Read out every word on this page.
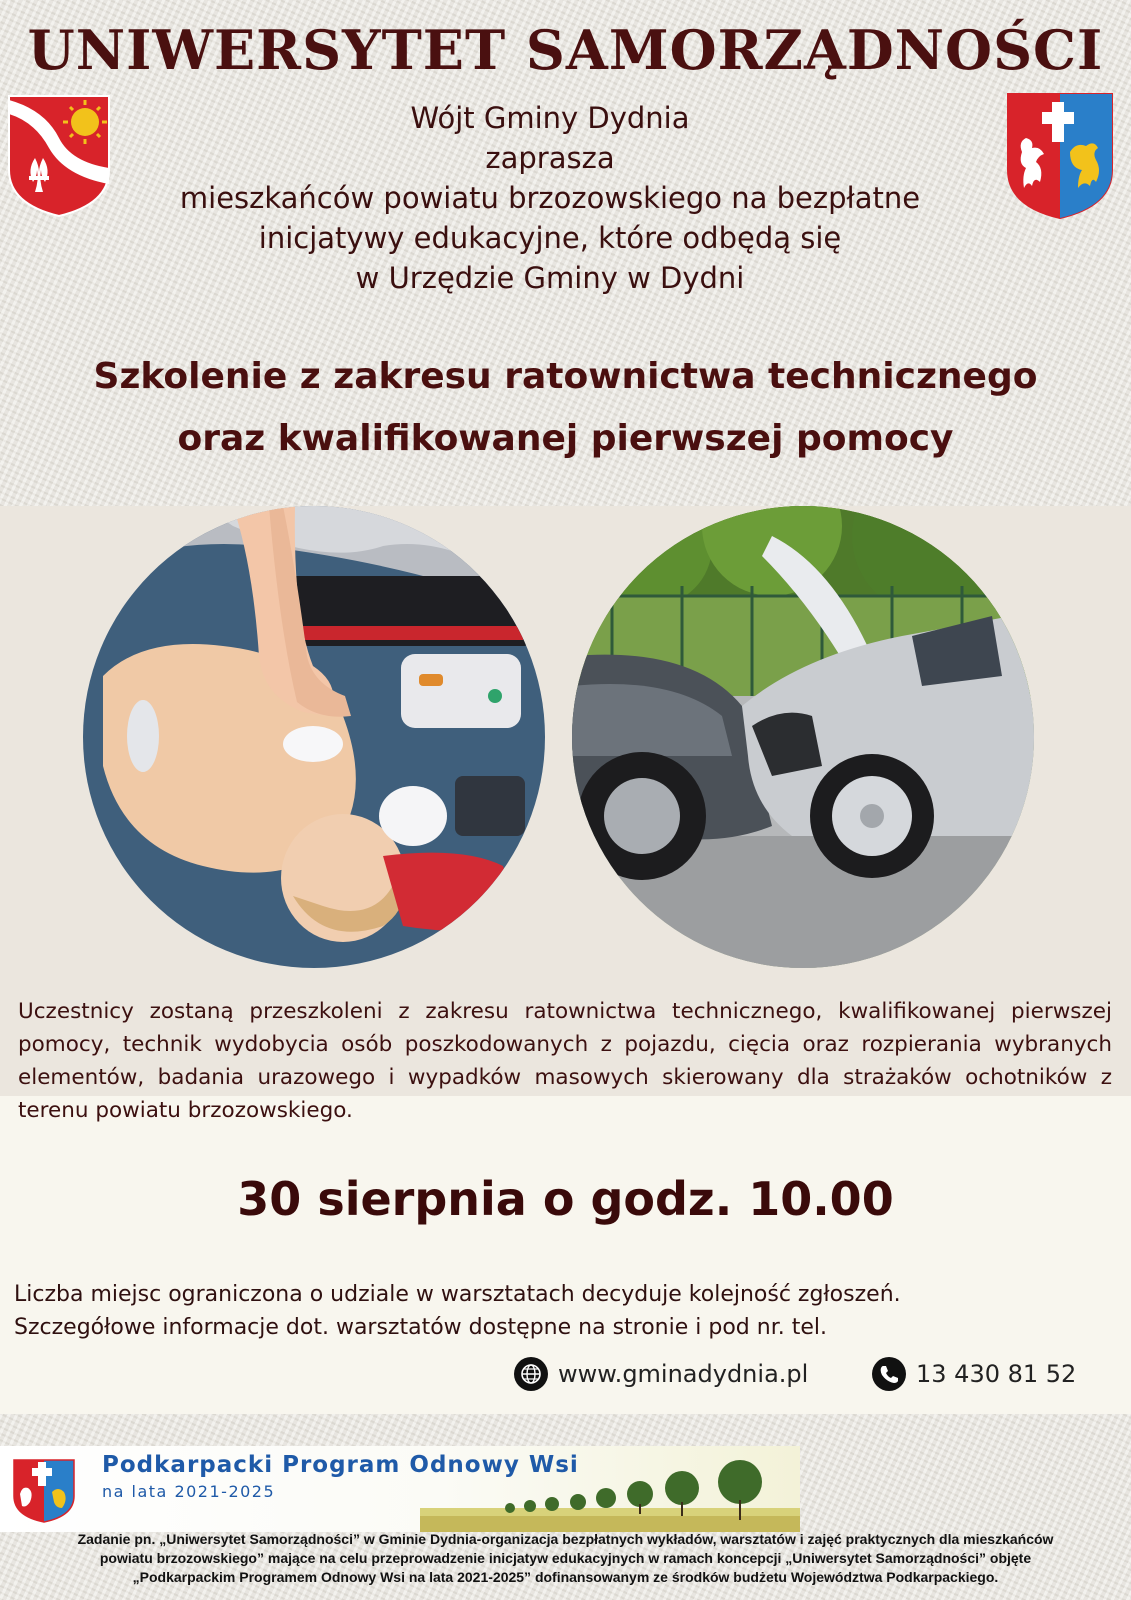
UNIWERSYTET SAMORZĄDNOŚCI
Wójt Gminy Dydnia
zaprasza
mieszkańców powiatu brzozowskiego na bezpłatne
inicjatywy edukacyjne, które odbędą się
w Urzędzie Gminy w Dydni
Szkolenie z zakresu ratownictwa technicznego
oraz kwalifikowanej pierwszej pomocy

Uczestnicy zostaną przeszkoleni z zakresu ratownictwa technicznego, kwalifikowanej pierwszej pomocy, technik wydobycia osób poszkodowanych z pojazdu, cięcia oraz rozpierania wybranych elementów, badania urazowego i wypadków masowych skierowany dla strażaków ochotników z terenu powiatu brzozowskiego.

30 sierpnia o godz. 10.00

Liczba miejsc ograniczona o udziale w warsztatach decyduje kolejność zgłoszeń.
Szczegółowe informacje dot. warsztatów dostępne na stronie i pod nr. tel.
www.gminadydnia.pl	13 430 81 52
Podkarpacki Program Odnowy Wsi
na lata 2021-2025
Zadanie pn. „Uniwersytet Samorządności” w Gminie Dydnia-organizacja bezpłatnych wykładów, warsztatów i zajęć praktycznych dla mieszkańców
powiatu brzozowskiego” mające na celu przeprowadzenie inicjatyw edukacyjnych w ramach koncepcji „Uniwersytet Samorządności” objęte
„Podkarpackim Programem Odnowy Wsi na lata 2021-2025” dofinansowanym ze środków budżetu Województwa Podkarpackiego.
